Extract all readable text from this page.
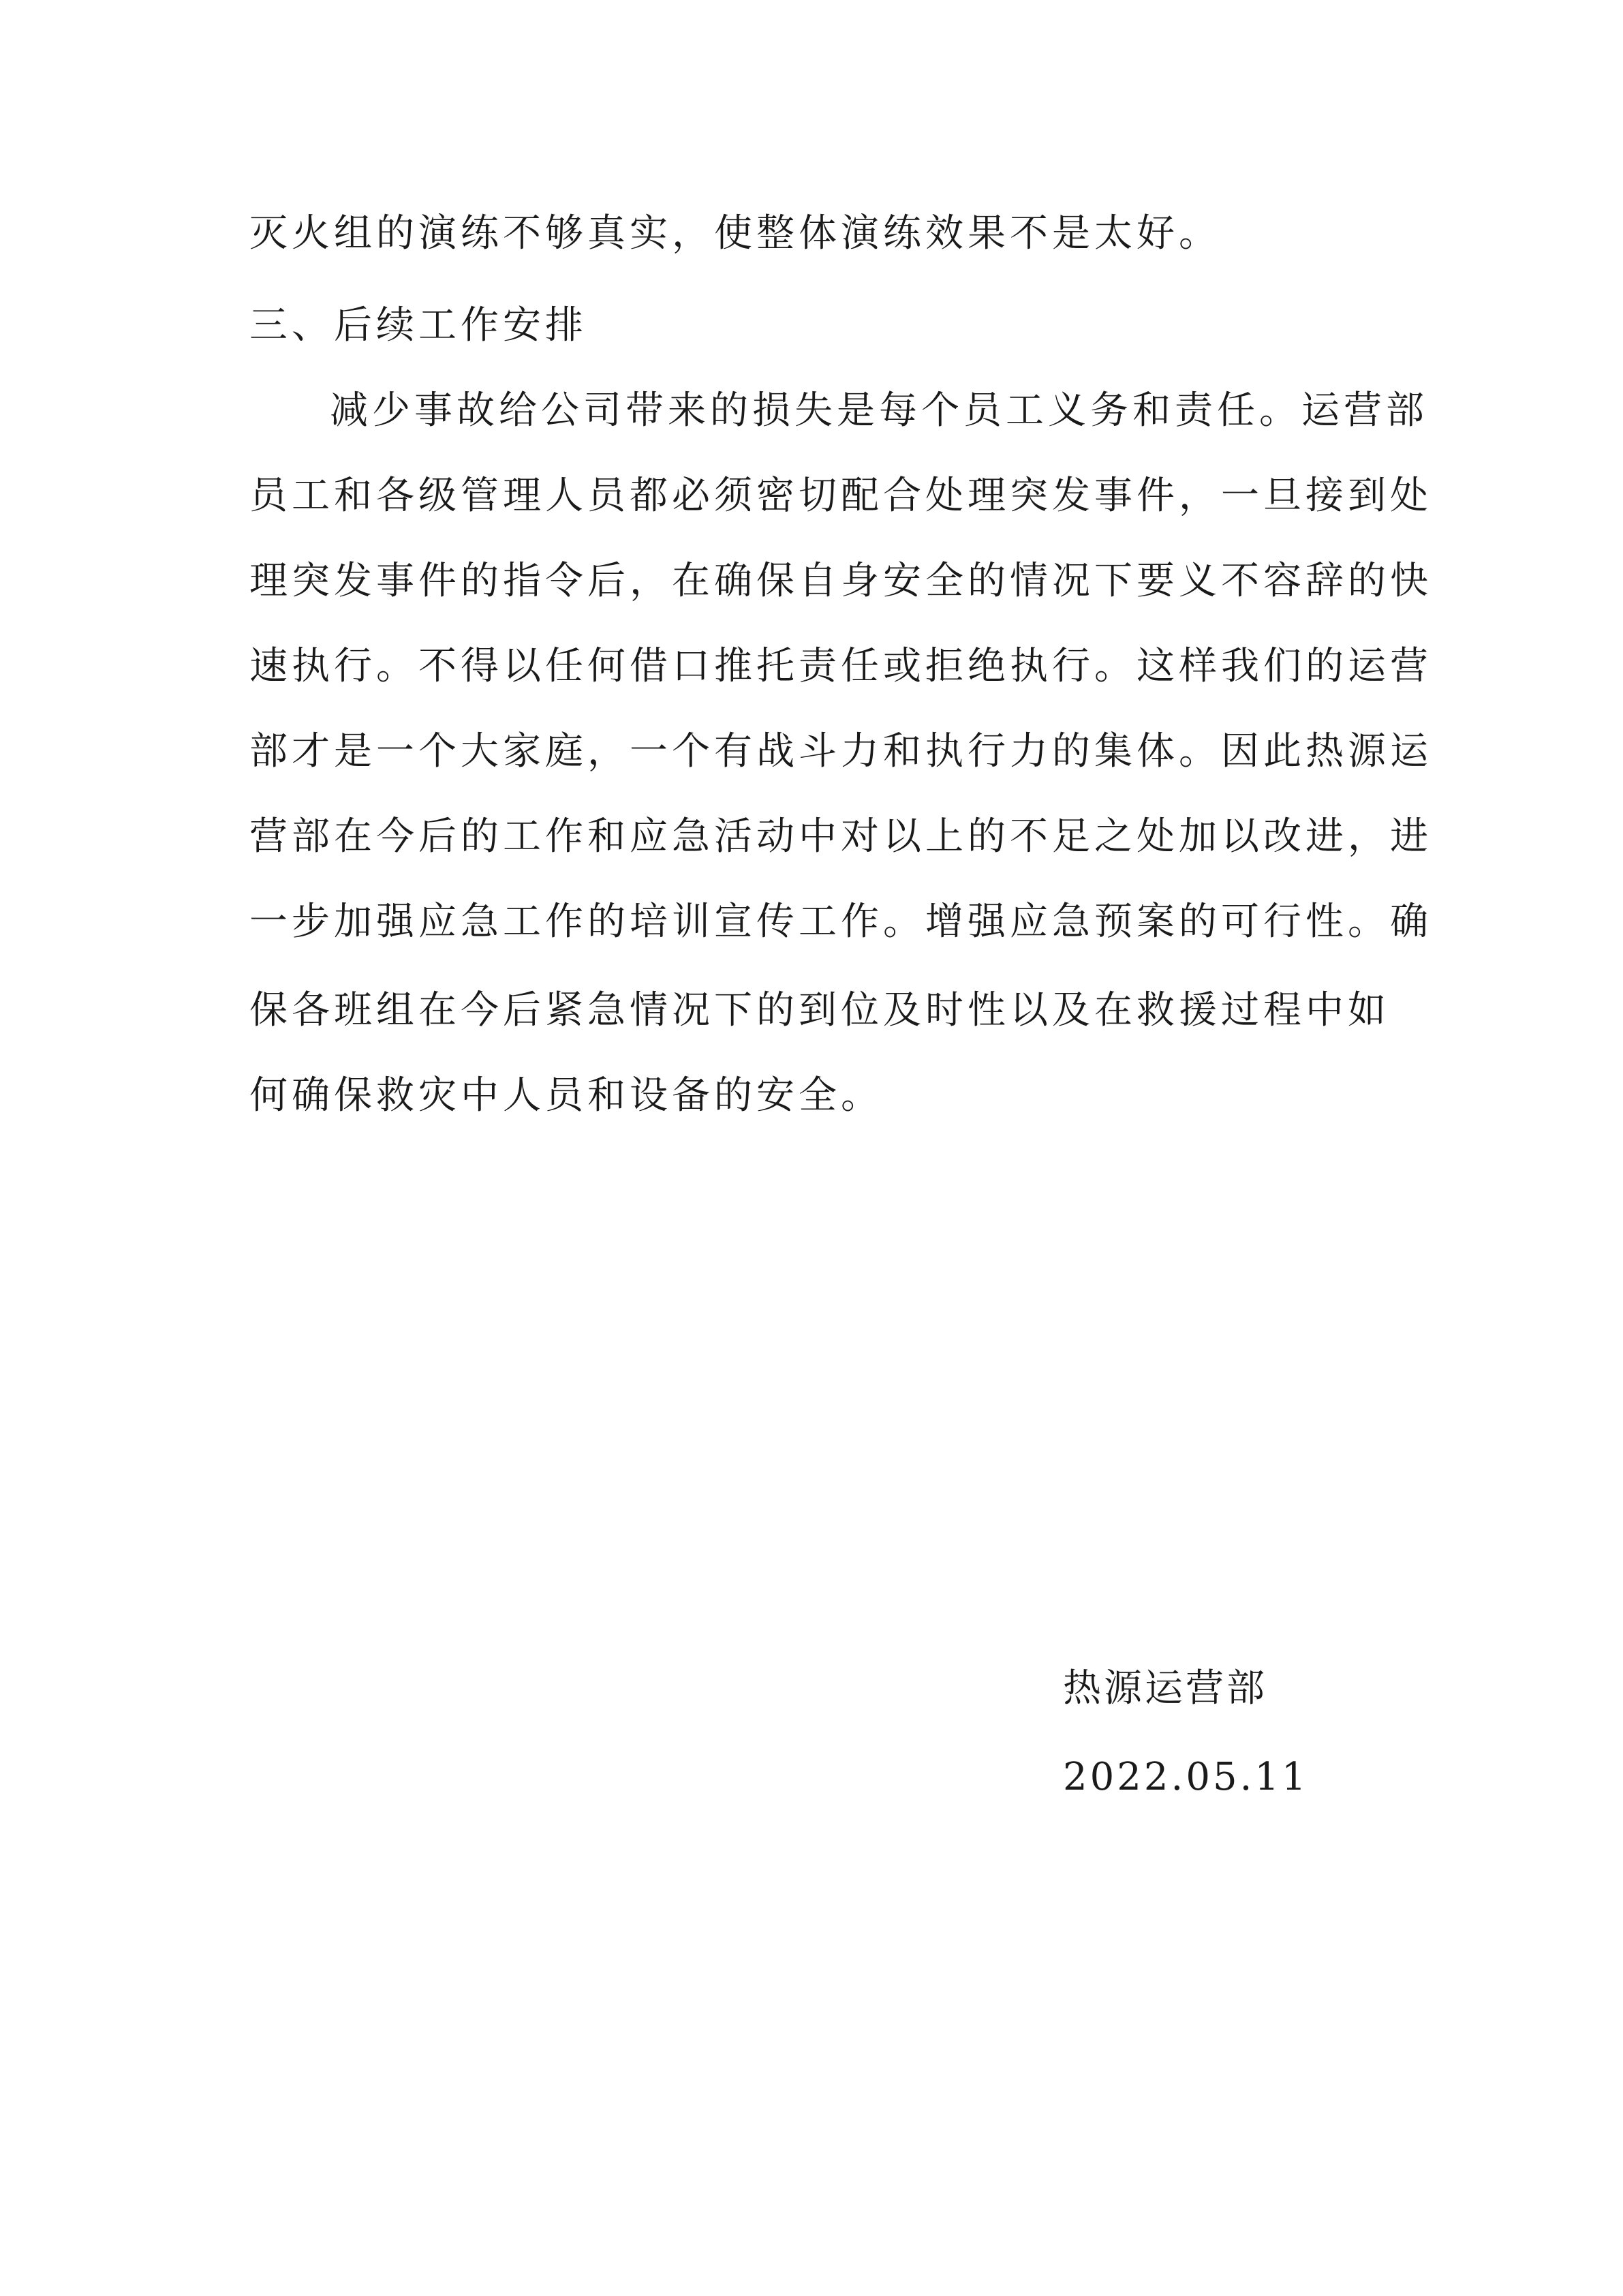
灭火组的演练不够真实，使整体演练效果不是太好。
三、后续工作安排
减少事故给公司带来的损失是每个员工义务和责任。运营部
员工和各级管理人员都必须密切配合处理突发事件，一旦接到处
理突发事件的指令后，在确保自身安全的情况下要义不容辞的快
速执行。不得以任何借口推托责任或拒绝执行。这样我们的运营
部才是一个大家庭，一个有战斗力和执行力的集体。因此热源运
营部在今后的工作和应急活动中对以上的不足之处加以改进，进
一步加强应急工作的培训宣传工作。增强应急预案的可行性。确
保各班组在今后紧急情况下的到位及时性以及在救援过程中如
何确保救灾中人员和设备的安全。
热源运营部
2022.05.11
